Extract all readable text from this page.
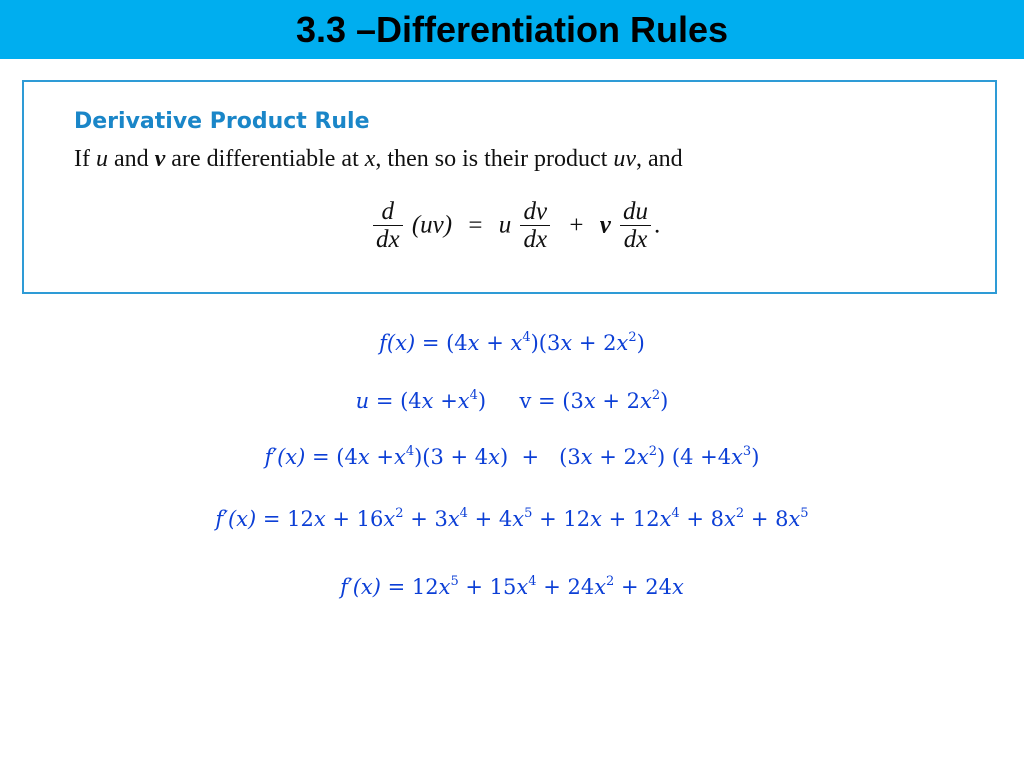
3.3 –Differentiation Rules
Derivative Product Rule
If u and v are differentiable at x, then so is their product uv, and
$\frac{d}{dx} (uv) = u \frac{dv}{dx} + v \frac{du}{dx}$ .
$f(x) = (4x + x^4)(3x + 2x^2)$
$u = (4x +x^4)$     $v = (3x + 2x^2)$
$f'(x) = (4x +x^4)(3 + 4x) + (3x + 2x^2)$ $(4 +4x^3)$
$f'(x) = 12x + 16x^2 + 3x^4 + 4x^5 + 12x + 12x^4 + 8x^2 + 8x^5$
$f'(x) = 12x^5 + 15x^4 + 24x^2 + 24x$
